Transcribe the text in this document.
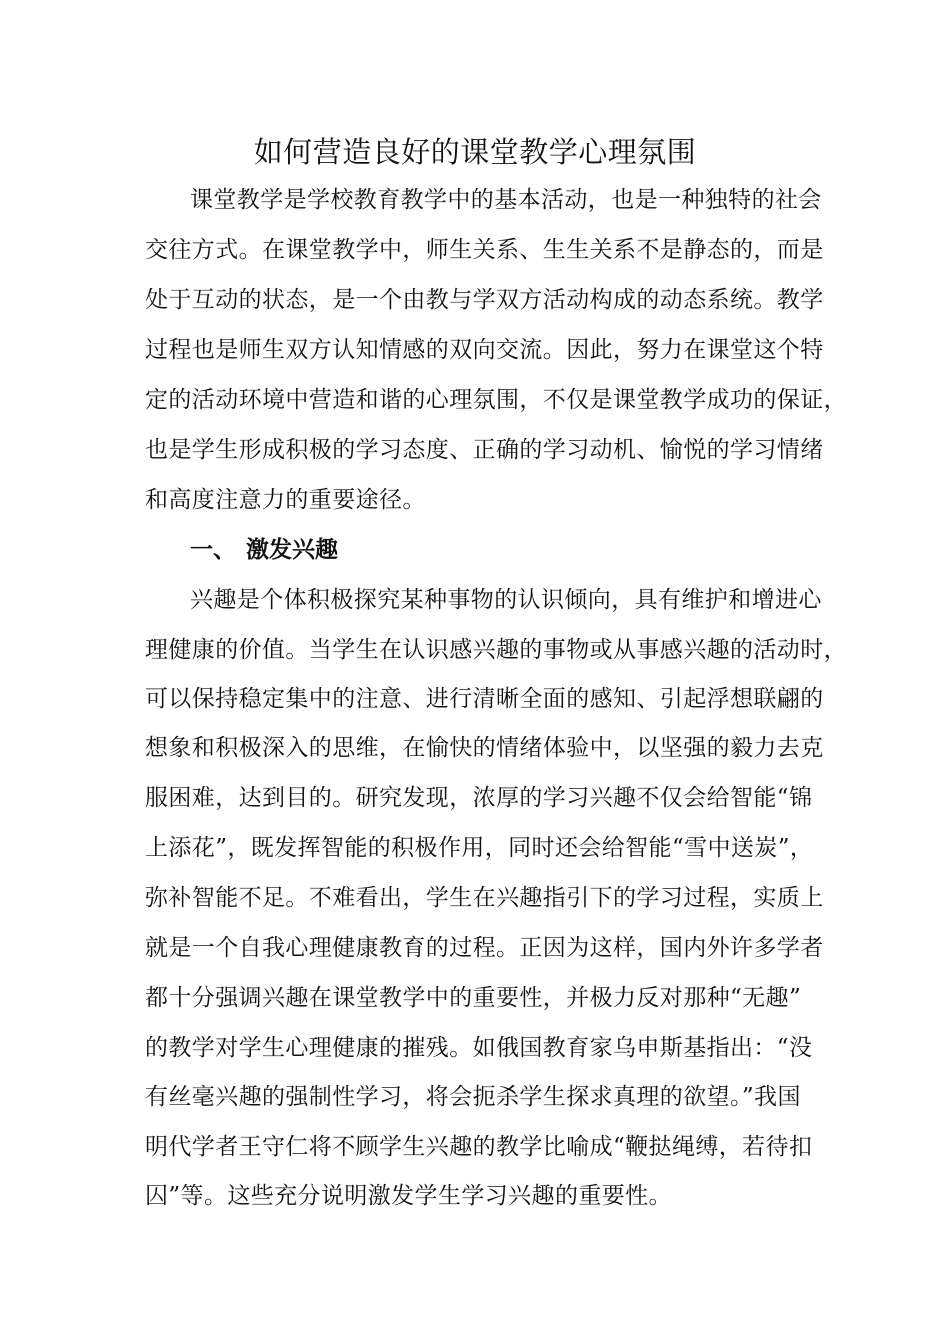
如何营造良好的课堂教学心理氛围
课堂教学是学校教育教学中的基本活动，也是一种独特的社会
交往方式。在课堂教学中，师生关系、生生关系不是静态的，而是
处于互动的状态，是一个由教与学双方活动构成的动态系统。教学
过程也是师生双方认知情感的双向交流。因此，努力在课堂这个特
定的活动环境中营造和谐的心理氛围，不仅是课堂教学成功的保证，
也是学生形成积极的学习态度、正确的学习动机、愉悦的学习情绪
和高度注意力的重要途径。
一、 激发兴趣
兴趣是个体积极探究某种事物的认识倾向，具有维护和增进心
理健康的价值。当学生在认识感兴趣的事物或从事感兴趣的活动时，
可以保持稳定集中的注意、进行清晰全面的感知、引起浮想联翩的
想象和积极深入的思维，在愉快的情绪体验中，以坚强的毅力去克
服困难，达到目的。研究发现，浓厚的学习兴趣不仅会给智能“锦
上添花”，既发挥智能的积极作用，同时还会给智能“雪中送炭”，
弥补智能不足。不难看出，学生在兴趣指引下的学习过程，实质上
就是一个自我心理健康教育的过程。正因为这样，国内外许多学者
都十分强调兴趣在课堂教学中的重要性，并极力反对那种“无趣”
的教学对学生心理健康的摧残。如俄国教育家乌申斯基指出：“没
有丝毫兴趣的强制性学习，将会扼杀学生探求真理的欲望。”我国
明代学者王守仁将不顾学生兴趣的教学比喻成“鞭挞绳缚，若待扣
囚”等。这些充分说明激发学生学习兴趣的重要性。
